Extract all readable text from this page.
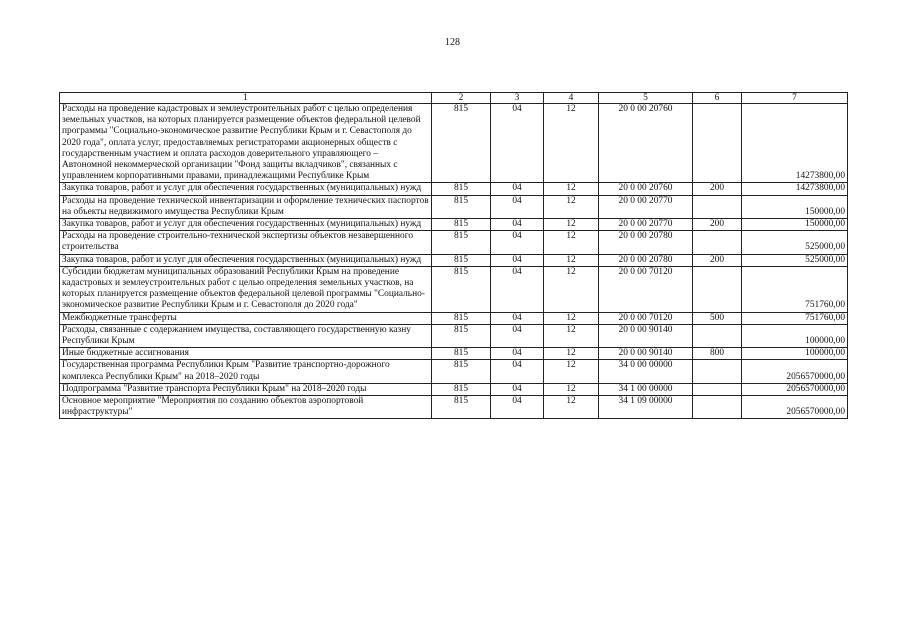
128
1	2	3	4	5	6	7
Расходы на проведение кадастровых и землеустроительных работ с целью определения земельных участков, на которых планируется размещение объектов федеральной целевой программы "Социально-экономическое развитие Республики Крым и г. Севастополя до 2020 года", оплата услуг, предоставляемых регистраторами акционерных обществ с государственным участием и оплата расходов доверительного управляющего – Автономной некоммерческой организации "Фонд защиты вкладчиков", связанных с управлением корпоративными правами, принадлежащими Республике Крым	815	04	12	20 0 00 20760		14273800,00
Закупка товаров, работ и услуг для обеспечения государственных (муниципальных) нужд	815	04	12	20 0 00 20760	200	14273800,00
Расходы на проведение технической инвентаризации и оформление технических паспортов на объекты недвижимого имущества Республики Крым	815	04	12	20 0 00 20770		150000,00
Закупка товаров, работ и услуг для обеспечения государственных (муниципальных) нужд	815	04	12	20 0 00 20770	200	150000,00
Расходы на проведение строительно-технической экспертизы объектов незавершенного строительства	815	04	12	20 0 00 20780		525000,00
Закупка товаров, работ и услуг для обеспечения государственных (муниципальных) нужд	815	04	12	20 0 00 20780	200	525000,00
Субсидии бюджетам муниципальных образований Республики Крым на проведение кадастровых и землеустроительных работ с целью определения земельных участков, на которых планируется размещение объектов федеральной целевой программы "Социально-экономическое развитие Республики Крым и г. Севастополя до 2020 года"	815	04	12	20 0 00 70120		751760,00
Межбюджетные трансферты	815	04	12	20 0 00 70120	500	751760,00
Расходы, связанные с содержанием имущества, составляющего государственную казну Республики Крым	815	04	12	20 0 00 90140		100000,00
Иные бюджетные ассигнования	815	04	12	20 0 00 90140	800	100000,00
Государственная программа Республики Крым "Развитие транспортно-дорожного комплекса Республики Крым" на 2018–2020 годы	815	04	12	34 0 00 00000		2056570000,00
Подпрограмма "Развитие транспорта Республики Крым" на 2018–2020 годы	815	04	12	34 1 00 00000		2056570000,00
Основное мероприятие "Мероприятия по созданию объектов аэропортовой инфраструктуры"	815	04	12	34 1 09 00000		2056570000,00
